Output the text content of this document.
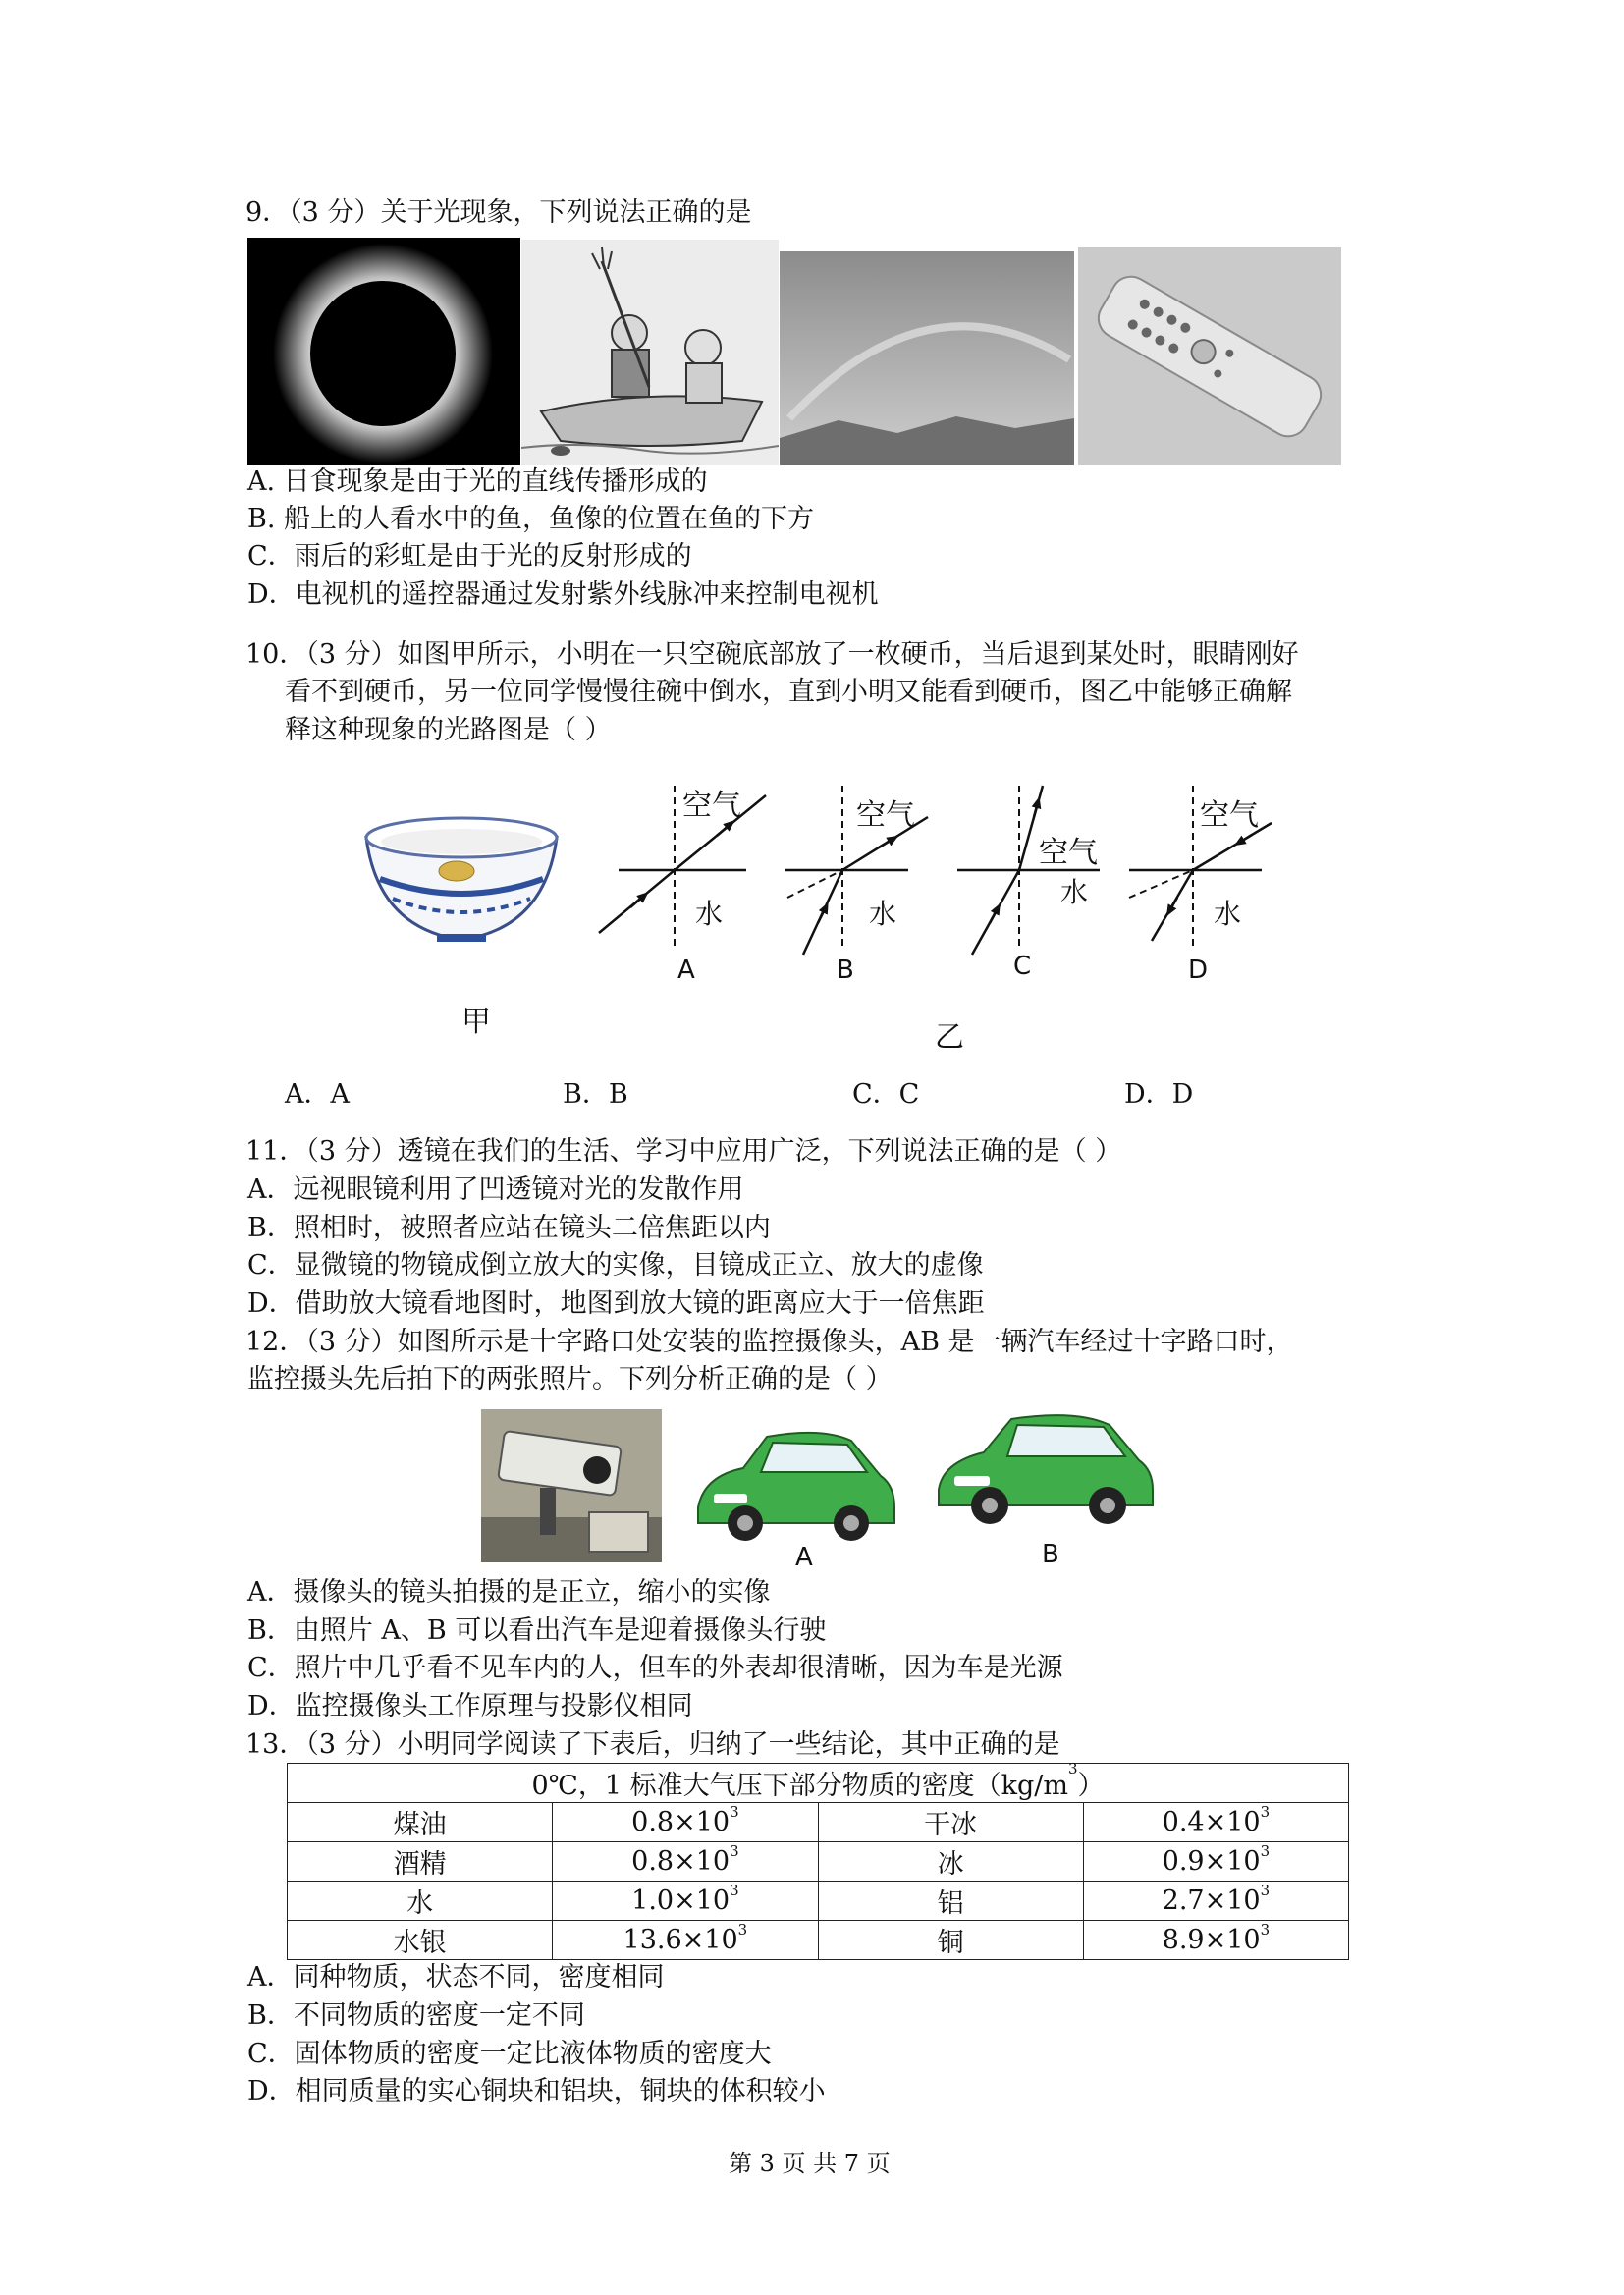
9．（3 分）关于光现象，下列说法正确的是
A. 日食现象是由于光的直线传播形成的
B. 船上的人看水中的鱼，鱼像的位置在鱼的下方
C．雨后的彩虹是由于光的反射形成的
D．电视机的遥控器通过发射紫外线脉冲来控制电视机
10．（3 分）如图甲所示，小明在一只空碗底部放了一枚硬币，当后退到某处时，眼睛刚好
看不到硬币，另一位同学慢慢往碗中倒水，直到小明又能看到硬币，图乙中能够正确解
释这种现象的光路图是（ ）
空气
水
A
空气
水
B
空气
水
C
空气
水
D
甲	乙
A．A	B．B	C．C	D．D
11．（3 分）透镜在我们的生活、学习中应用广泛，下列说法正确的是（ ）
A．远视眼镜利用了凹透镜对光的发散作用
B．照相时，被照者应站在镜头二倍焦距以内
C．显微镜的物镜成倒立放大的实像，目镜成正立、放大的虚像
D．借助放大镜看地图时，地图到放大镜的距离应大于一倍焦距
12．（3 分）如图所示是十字路口处安装的监控摄像头，AB 是一辆汽车经过十字路口时，
监控摄头先后拍下的两张照片。下列分析正确的是（ ）
A	B
A．摄像头的镜头拍摄的是正立，缩小的实像
B．由照片 A、B 可以看出汽车是迎着摄像头行驶
C．照片中几乎看不见车内的人，但车的外表却很清晰，因为车是光源
D．监控摄像头工作原理与投影仪相同
13．（3 分）小明同学阅读了下表后，归纳了一些结论，其中正确的是
0℃，1 标准大气压下部分物质的密度$(kg/m^3)$			
煤油	$0.8\times 10^3$	干冰	$0.4\times 10^3$
酒精	$0.8\times 10^3$	冰	$0.9\times 10^3$
水	$1.0\times 10^3$	铝	$2.7\times 10^3$
水银	$13.6\times 10^3$	铜	$8.9\times 10^3$
A．同种物质，状态不同，密度相同
B．不同物质的密度一定不同
C．固体物质的密度一定比液体物质的密度大
D．相同质量的实心铜块和铝块，铜块的体积较小
第 3 页 共 7 页
